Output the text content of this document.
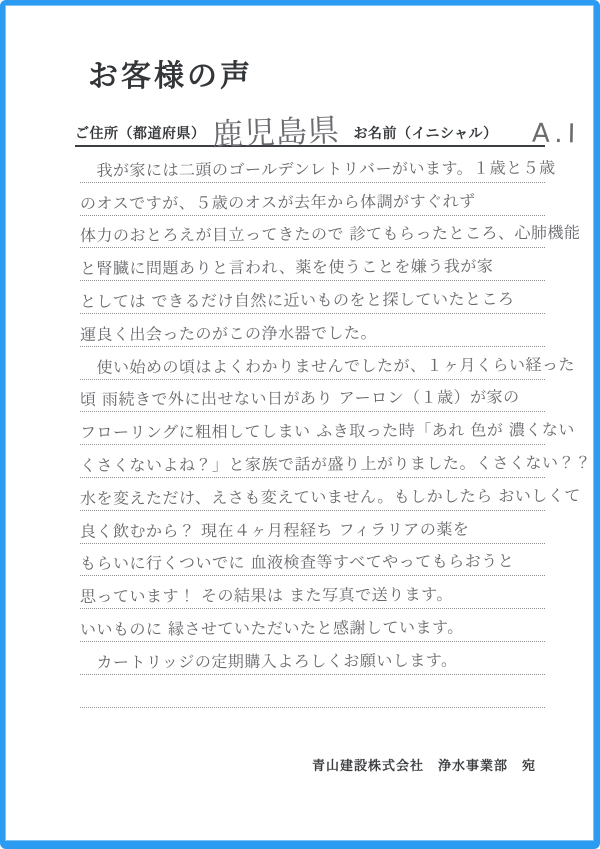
お客様の声
ご住所（都道府県） 鹿児島県 お名前（イニシャル） A.I
　我が家には二頭のゴールデンレトリバーがいます。１歳と５歳
のオスですが、５歳のオスが去年から体調がすぐれず
体力のおとろえが目立ってきたので 診てもらったところ、心肺機能
と腎臓に問題ありと言われ、薬を使うことを嫌う我が家
としては できるだけ自然に近いものをと探していたところ
運良く出会ったのがこの浄水器でした。
　使い始めの頃はよくわかりませんでしたが、１ヶ月くらい経った
頃 雨続きで外に出せない日があり アーロン（１歳）が家の
フローリングに粗相してしまい ふき取った時「あれ 色が 濃くない
くさくないよね？」と家族で話が盛り上がりました。くさくない？？
水を変えただけ、えさも変えていません。もしかしたら おいしくて
良く飲むから？ 現在４ヶ月程経ち フィラリアの薬を
もらいに行くついでに 血液検査等すべてやってもらおうと
思っています！ その結果は また写真で送ります。
いいものに 縁させていただいたと感謝しています。
　カートリッジの定期購入よろしくお願いします。
青山建設株式会社　浄水事業部　宛
